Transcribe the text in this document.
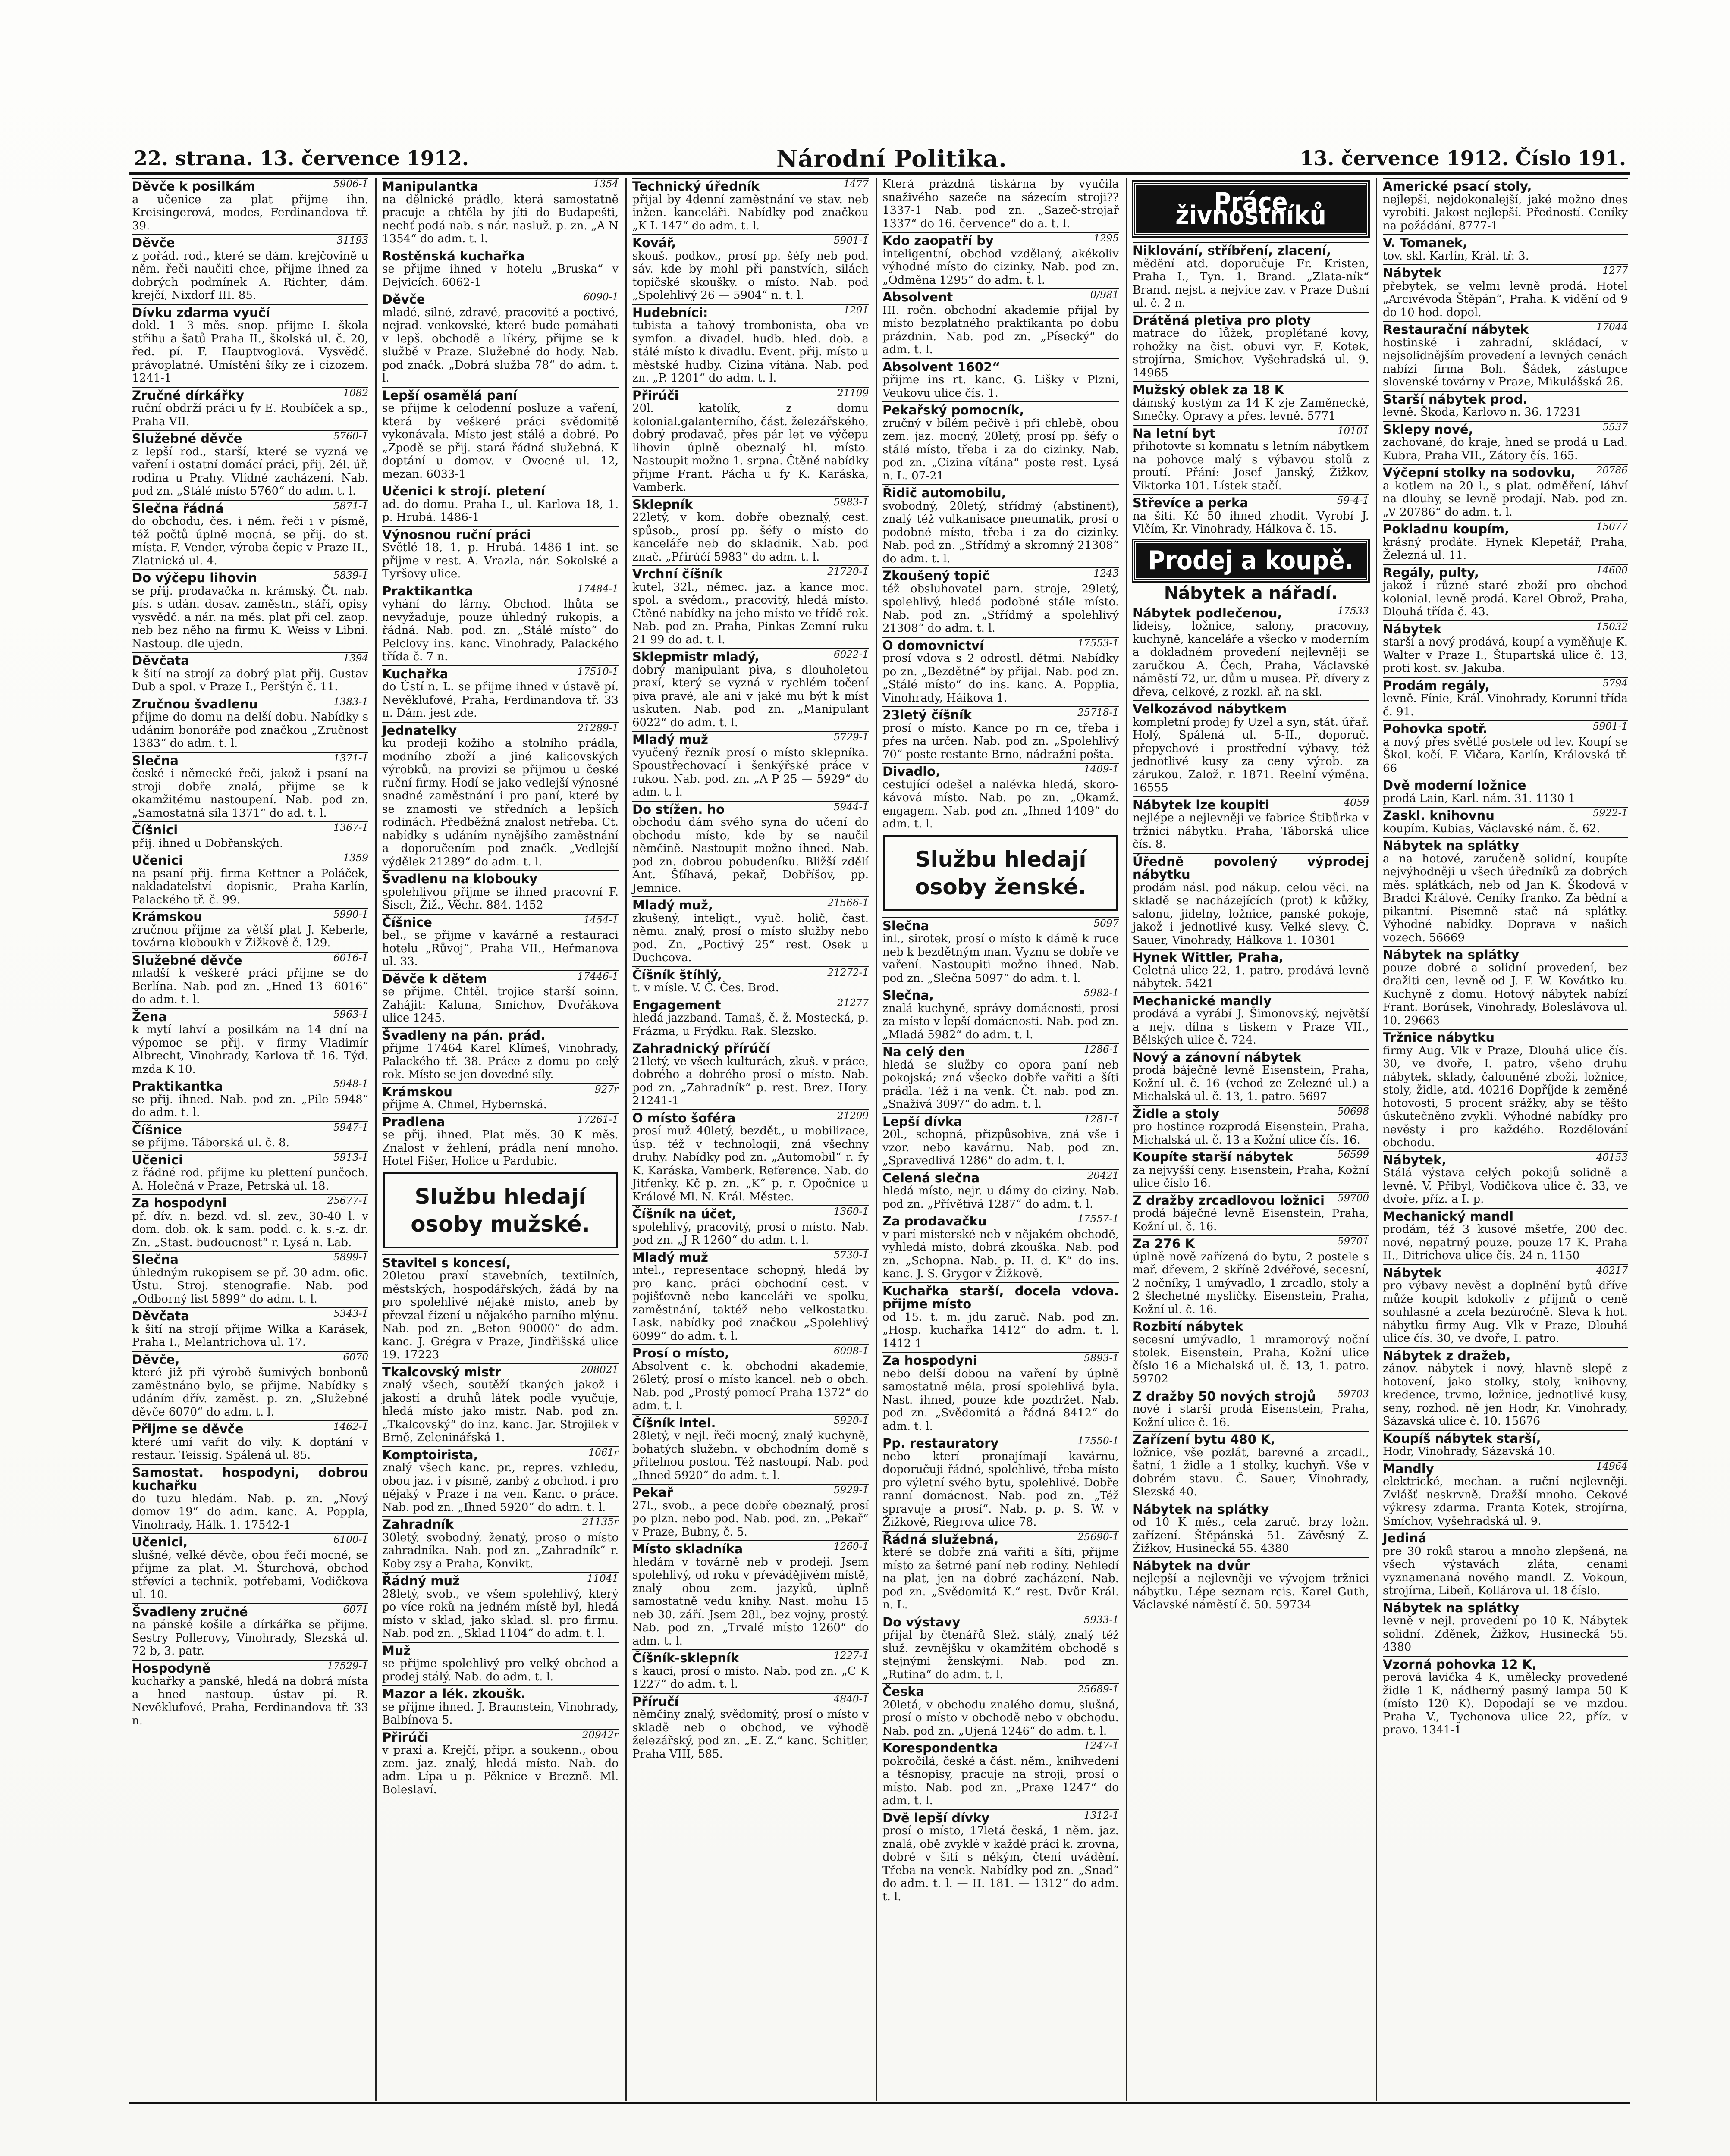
22. strana. 13. července 1912.	Národní Politika.	13. července 1912. Číslo 191.
5906-1
Děvče k posilkám
a učenice za plat přijme ihn. Kreisingerová, modes, Ferdinandova tř. 39.
31193
Děvče
z pořád. rod., které se dám. krejčovině u něm. řeči naučiti chce, přijme ihned za dobrých podmínek A. Richter, dám. krejčí, Nixdorf III. 85.
Dívku zdarma vyučí
dokl. 1—3 měs. snop. přijme I. škola střihu a šatů Praha II., školská ul. č. 20, řed. pí. F. Hauptvoglová. Vysvědč. právoplatné. Umístění šíky ze i cizozem. 1241-1
1082
Zručné dírkářky
ruční obdrží práci u fy E. Roubíček a sp., Praha VII.
5760-1
Služebné děvče
z lepší rod., starší, které se vyzná ve vaření i ostatní domácí práci, přij. 2él. úř. rodina u Prahy. Vlídné zacházení. Nab. pod zn. „Stálé místo 5760“ do adm. t. l.
5871-1
Slečna řádná
do obchodu, čes. i něm. řeči i v písmě, též počtů úplně mocná, se přij. do st. místa. F. Vender, výroba čepic v Praze II., Zlatnická ul. 4.
5839-1
Do výčepu lihovin
se přij. prodavačka n. krámský. Čt. nab. pís. s udán. dosav. zaměstn., stáří, opisy vysvědč. a nár. na měs. plat při cel. zaop. neb bez něho na firmu K. Weiss v Libni. Nastoup. dle ujedn.
1394
Děvčata
k šití na strojí za dobrý plat přij. Gustav Dub a spol. v Praze I., Perštýn č. 11.
1383-1
Zručnou švadlenu
přijme do domu na delší dobu. Nabídky s udáním bonoráře pod značkou „Zručnost 1383“ do adm. t. l.
1371-1
Slečna
české i německé řeči, jakož i psaní na stroji dobře znalá, přijme se k okamžitému nastoupení. Nab. pod zn. „Samostatná síla 1371“ do ad. t. l.
1367-1
Číšnici
přij. ihned u Dobřanských.
1359
Učenici
na psaní přij. firma Kettner a Poláček, nakladatelství dopisnic, Praha-Karlín, Palackého tř. č. 99.
5990-1
Krámskou
zručnou přijme za větší plat J. Keberle, továrna kloboukh v Žižkově č. 129.
6016-1
Služebné děvče
mladší k veškeré práci přijme se do Berlína. Nab. pod zn. „Hned 13—6016“ do adm. t. l.
5963-1
Žena
k mytí lahví a posilkám na 14 dní na výpomoc se přij. v firmy Vladimír Albrecht, Vinohrady, Karlova tř. 16. Týd. mzda K 10.
5948-1
Praktikantka
se přij. ihned. Nab. pod zn. „Pile 5948“ do adm. t. l.
5947-1
Číšnice
se přijme. Táborská ul. č. 8.
5913-1
Učenici
z řádné rod. přijme ku plettení punčoch. A. Holečná v Praze, Petrská ul. 18.
25677-1
Za hospodyni
př. dív. n. bezd. vd. sl. zev., 30-40 l. v dom. dob. ok. k sam. podd. c. k. s.-z. dr. Zn. „Stast. budoucnost“ r. Lysá n. Lab.
5899-1
Slečna
úhledným rukopisem se př. 30 adm. ofic. Ústu. Stroj. stenografie. Nab. pod „Odborný list 5899“ do adm. t. l.
5343-1
Děvčata
k šití na strojí přijme Wilka a Karásek, Praha I., Melantrichova ul. 17.
6070
Děvče,
které již při výrobě šumivých bonbonů zaměstnáno bylo, se přijme. Nabídky s udáním dřív. zaměst. p. zn. „Služebné děvče 6070“ do adm. t. l.
1462-1
Přijme se děvče
které umí vařit do vily. K doptání v restaur. Teissig. Spálená ul. 85.
Samostat. hospodyni, dobrou kuchařku
do tuzu hledám. Nab. p. zn. „Nový domov 19“ do adm. kanc. A. Poppla, Vinohrady, Hálk. 1. 17542-1
6100-1
Učenici,
slušné, velké děvče, obou řečí mocné, se přijme za plat. M. Šturchová, obchod střevíci a technik. potřebami, Vodičkova ul. 10.
6071
Švadleny zručné
na pánské košile a dírkářka se přijme. Sestry Pollerovy, Vinohrady, Slezská ul. 72 b, 3. patr.
17529-1
Hospodyně
kuchařky a panské, hledá na dobrá místa a hned nastoup. ústav pí. R. Nevěklufové, Praha, Ferdinandova tř. 33 n.
1354
Manipulantka
na dělnické prádlo, která samostatně pracuje a chtěla by jíti do Budapešti, nechť podá nab. s nár. nasluž. p. zn. „A N 1354“ do adm. t. l.
Rostěnská kuchařka
se přijme ihned v hotelu „Bruska“ v Dejvicích. 6062-1
6090-1
Děvče
mladé, silné, zdravé, pracovité a poctivé, nejrad. venkovské, které bude pomáhati v lepš. obchodě a líkéry, přijme se k službě v Praze. Služebné do hody. Nab. pod značk. „Dobrá služba 78“ do adm. t. l.
Lepší osamělá paní
se přijme k celodenní posluze a vaření, která by veškeré práci svědomitě vykonávala. Místo jest stálé a dobré. Po „Zpodě se přij. stará řádná služebná. K doptání u domov. v Ovocné ul. 12, mezan. 6033-1
Učenici k strojí. pletení
ad. do domu. Praha I., ul. Karlova 18, 1. p. Hrubá. 1486-1
Výnosnou ruční práci
Světlé 18, 1. p. Hrubá. 1486-1 int. se přijme v rest. A. Vrazla, nár. Sokolské a Tyršovy ulice.
17484-1
Praktikantka
vyhání do lárny. Obchod. lhůta se nevyžaduje, pouze úhledný rukopis, a řádná. Nab. pod. zn. „Stálé místo“ do Pelclovy ins. kanc. Vinohrady, Palackého třída č. 7 n.
17510-1
Kuchařka
do Ústí n. L. se přijme ihned v ústavě pí. Nevěklufové, Praha, Ferdinandova tř. 33 n. Dám. jest zde.
21289-1
Jednatelky
ku prodeji kožiho a stolního prádla, modního zboží a jiné kalicovských výrobků, na provizi se přijmou u české ruční firmy. Hodí se jako vedlejší výnosné snadné zaměstnání i pro paní, které by se znamosti ve středních a lepších rodinách. Předběžná znalost netřeba. Ct. nabídky s udáním nynějšího zaměstnání a doporučením pod značk. „Vedlejší výdělek 21289“ do adm. t. l.
Švadlenu na klobouky
spolehlivou přijme se ihned pracovní F. Šisch, Žiž., Věchr. 884. 1452
1454-1
Číšnice
bel., se přijme v kavárně a restauraci hotelu „Růvoj“, Praha VII., Heřmanova ul. 33.
17446-1
Děvče k dětem
se přijme. Chtěl. trojice starší soinn. Zahájit: Kaluna, Smíchov, Dvořákova ulice 1245.
Švadleny na pán. prád.
přijme 17464 Karel Klímeš, Vinohrady, Palackého tř. 38. Práce z domu po celý rok. Místo se jen dovedné síly.
927r
Krámskou
přijme A. Chmel, Hybernská.
17261-1
Pradlena
se přij. ihned. Plat měs. 30 K měs. Znalost v žehlení, prádla není mnoho. Hotel Fišer, Holice u Pardubic.
Službu hledají osoby mužské.
Stavitel s koncesí,
20letou praxí stavebních, textilních, městských, hospodářských, žádá by na pro spolehlivé nějaké místo, aneb by převzal řízení u nějakého parního mlýnu. Nab. pod zn. „Beton 90000“ do adm. kanc. J. Grégra v Praze, Jindřišská ulice 19. 17223
208021
Tkalcovský mistr
znalý všech, soutěží tkaných jakož i jakostí a druhů látek podle vyučuje, hledá místo jako mistr. Nab. pod zn. „Tkalcovský“ do inz. kanc. Jar. Strojilek v Brně, Zeleninářská 1.
1061r
Komptoirista,
znalý všech kanc. pr., repres. vzhledu, obou jaz. i v písmě, zanbý z obchod. i pro nějaký v Praze i na ven. Kanc. o práce. Nab. pod zn. „Ihned 5920“ do adm. t. l.
21135r
Zahradník
30letý, svobodný, ženatý, proso o místo zahradníka. Nab. pod zn. „Zahradník“ r. Koby zsy a Praha, Konvikt.
11041
Řádný muž
28letý, svob., ve všem spolehlivý, který po více roků na jedném místě byl, hledá místo v sklad, jako sklad. sl. pro firmu. Nab. pod zn. „Sklad 1104“ do adm. t. l.
Muž
se přijme spolehlivý pro velký obchod a prodej stálý. Nab. do adm. t. l.
Mazor a lék. zkoušk.
se přijme ihned. J. Braunstein, Vinohrady, Balbínova 5.
20942r
Přirúči
v praxi a. Krejčí, přípr. a soukenn., obou zem. jaz. znalý, hledá místo. Nab. do adm. Lípa u p. Pěknice v Brezně. Ml. Boleslaví.
1477
Technický úředník
přijal by 4denní zaměstnání ve stav. neb inžen. kanceláři. Nabídky pod značkou „K L 147“ do adm. t. l.
5901-1
Kovář,
skouš. podkov., prosí pp. šéfy neb pod. sáv. kde by mohl při panstvích, silách topičské skoušky. o místo. Nab. pod „Spolehlivý 26 — 5904“ n. t. l.
1201
Hudebníci:
tubista a tahový trombonista, oba ve symfon. a divadel. hudb. hled. dob. a stálé místo k divadlu. Event. přij. místo u městské hudby. Cizina vítána. Nab. pod zn. „P. 1201“ do adm. t. l.
21109
Přirúči
20l. katolík, z domu kolonial.galanterního, část. železářského, dobrý prodavač, přes pár let ve výčepu lihovin úplně obeznalý hl. místo. Nastoupit možno 1. srpna. Čtěné nabídky přijme Frant. Pácha u fy K. Karáska, Vamberk.
5983-1
Sklepník
22letý, v kom. dobře obeznalý, cest. spůsob., prosí pp. šéfy o místo do kanceláře neb do skladnik. Nab. pod znač. „Přirúčí 5983“ do adm. t. l.
21720-1
Vrchní číšník
kutel, 32l., němec. jaz. a kance moc. spol. a svědom., pracovitý, hledá místo. Ctěné nabídky na jeho místo ve třídě rok. Nab. pod zn. Praha, Pinkas Zemní ruku 21 99 do ad. t. l.
6022-1
Sklepmistr mladý,
dobrý manipulant piva, s dlouholetou praxí, který se vyzná v rychlém točení piva pravé, ale ani v jaké mu být k míst uskuten. Nab. pod zn. „Manipulant 6022“ do adm. t. l.
5729-1
Mladý muž
vyučený řezník prosí o místo sklepníka. Spoustřechovací i šenkýřské práce v rukou. Nab. pod. zn. „A P 25 — 5929“ do adm. t. l.
5944-1
Do stížen. ho
obchodu dám svého syna do učení do obchodu místo, kde by se naučil němčině. Nastoupit možno ihned. Nab. pod zn. dobrou pobudeníku. Bližší zdělí Ant. Šťíhavá, pekař, Dobříšov, pp. Jemnice.
21566-1
Mladý muž,
zkušený, inteligt., vyuč. holič, čast. němu. znalý, prosí o místo služby nebo pod. Zn. „Poctivý 25“ rest. Osek u Duchcova.
21272-1
Číšník štíhlý,
t. v mísle. V. Č. Čes. Brod.
21277
Engagement
hledá jazzband. Tamaš, č. ž. Mostecká, p. Frázma, u Frýdku. Rak. Slezsko.
Zahradnický přírúčí
21letý, ve všech kulturách, zkuš. v práce, dobrého a dobrého prosí o místo. Nab. pod zn. „Zahradník“ p. rest. Brez. Hory. 21241-1
21209
O místo šoféra
prosí muž 40letý, bezdět., u mobilizace, úsp. též v technologii, zná všechny druhy. Nabídky pod zn. „Automobil“ r. fy K. Karáska, Vamberk. Reference. Nab. do Jitřenky. Kč p. zn. „K“ p. r. Opočnice u Králové Ml. N. Král. Městec.
1360-1
Číšník na účet,
spolehlivý, pracovitý, prosí o místo. Nab. pod zn. „J R 1260“ do adm. t. l.
5730-1
Mladý muž
intel., representace schopný, hledá by pro kanc. práci obchodní cest. v pojišťovně nebo kanceláři ve spolku, zaměstnání, taktéž nebo velkostatku. Lask. nabídky pod značkou „Spolehlivý 6099“ do adm. t. l.
6098-1
Prosí o místo,
Absolvent c. k. obchodní akademie, 26letý, prosí o místo kancel. neb o obch. Nab. pod „Prostý pomocí Praha 1372“ do adm. t. l.
5920-1
Číšník intel.
28letý, v nejl. řeči mocný, znalý kuchyně, bohatých služebn. v obchodním domě s přitelnou postou. Též nastoupí. Nab. pod „Ihned 5920“ do adm. t. l.
5929-1
Pekař
27l., svob., a pece dobře obeznalý, prosí po plzn. nebo pod. Nab. pod. zn. „Pekař“ v Praze, Bubny, č. 5.
1260-1
Místo skladníka
hledám v továrně neb v prodeji. Jsem spolehlivý, od roku v převádějivém místě, znalý obou zem. jazyků, úplně samostatně vedu knihy. Nast. mohu 15 neb 30. září. Jsem 28l., bez vojny, prostý. Nab. pod zn. „Trvalé místo 1260“ do adm. t. l.
1227-1
Číšník-sklepník
s kaucí, prosí o místo. Nab. pod zn. „C K 1227“ do adm. t. l.
4840-1
Příručí
němčiny znalý, svědomitý, prosí o místo v skladě neb o obchod, ve výhodě železářský, pod zn. „E. Z.“ kanc. Schitler, Praha VIII, 585.
Která prázdná tiskárna by vyučila snaživého sazeče na sázecím stroji?? 1337-1 Nab. pod zn. „Sazeč-strojař 1337“ do 16. července“ do a. t. l.
1295
Kdo zaopatří by
inteligentní, obchod vzdělaný, akékoliv výhodné místo do cizinky. Nab. pod zn. „Odměna 1295“ do adm. t. l.
0/981
Absolvent
III. ročn. obchodní akademie přijal by místo bezplatného praktikanta po dobu prázdnin. Nab. pod zn. „Písecký“ do adm. t. l.
Absolvent 1602“
přijme ins rt. kanc. G. Lišky v Plzni, Veukovu ulice čís. 1.
Pekařský pomocník,
zručný v bílém pečivě i při chlebě, obou zem. jaz. mocný, 20letý, prosí pp. šéfy o stálé místo, třeba i za do cizinky. Nab. pod zn. „Cizina vítána“ poste rest. Lysá n. L. 07-21
Řidič automobilu,
svobodný, 20letý, střídmý (abstinent), znalý též vulkanisace pneumatik, prosí o podobné místo, třeba i za do cizinky. Nab. pod zn. „Střídmý a skromný 21308“ do adm. t. l.
1243
Zkoušený topič
též obsluhovatel parn. stroje, 29letý, spolehlivý, hledá podobné stále místo. Nab. pod zn. „Střídmý a spolehlivý 21308“ do adm. t. l.
17553-1
O domovnictví
prosí vdova s 2 odrostl. dětmi. Nabídky po zn. „Bezdětné“ by přijal. Nab. pod zn. „Stálé místo“ do ins. kanc. A. Popplia, Vinohrady, Háikova 1.
25718-1
23letý číšník
prosí o místo. Kance po rn ce, třeba i přes na určen. Nab. pod zn. „Spolehlivý 70“ poste restante Brno, nádražní pošta.
1409-1
Divadlo,
cestující odešel a nalévka hledá, skoro-kávová místo. Nab. po zn. „Okamž. engagem. Nab. pod zn. „Ihned 1409“ do adm. t. l.
Službu hledají osoby ženské.
5097
Slečna
inl., sirotek, prosí o místo k dámě k ruce neb k bezdětným man. Vyznu se dobře ve vaření. Nastoupiti možno ihned. Nab. pod zn. „Slečna 5097“ do adm. t. l.
5982-1
Slečna,
znalá kuchyně, správy domácnosti, prosí za místo v lepší domácnosti. Nab. pod zn. „Mladá 5982“ do adm. t. l.
1286-1
Na celý den
hledá se služby co opora paní neb pokojská; zná všecko dobře vařiti a šíti prádla. Též i na venk. Čt. nab. pod zn. „Snaživá 3097“ do adm. t. l.
1281-1
Lepší dívka
20l., schopná, přizpůsobiva, zná vše i vzor. nebo kavárnu. Nab. pod zn. „Spravedlivá 1286“ do adm. t. l.
20421
Celená slečna
hledá místo, nejr. u dámy do ciziny. Nab. pod zn. „Přívětivá 1287“ do adm. t. l.
17557-1
Za prodavačku
v parí misterské neb v nějakém obchodě, vyhledá místo, dobrá zkouška. Nab. pod zn. „Schopna. Nab. p. H. d. K“ do ins. kanc. J. S. Grygor v Žižkově.
Kuchařka starší, docela vdova. přijme místo
od 15. t. m. jdu zaruč. Nab. pod zn. „Hosp. kuchařka 1412“ do adm. t. l. 1412-1
5893-1
Za hospodyni
nebo delší dobou na vaření by úplně samostatně měla, prosí spolehlivá byla. Nast. ihned, pouze kde pozdržet. Nab. pod zn. „Svědomitá a řádná 8412“ do adm. t. l.
17550-1
Pp. restauratory
nebo kterí pronajímají kavárnu, doporučuji řádné, spolehlivé, třeba místo pro výletní svého bytu, spolehlivé. Dobře ranní domácnost. Nab. pod zn. „Též spravuje a prosí“. Nab. p. p. S. W. v Žižkově, Riegrova ulice 78.
25690-1
Řádná služebná,
které se dobře zná vařiti a šíti, přijme místo za šetrné paní neb rodiny. Nehledí na plat, jen na dobré zacházení. Nab. pod zn. „Svědomitá K.“ rest. Dvůr Král. n. L.
5933-1
Do výstavy
přijal by čtenářů Slež. stálý, znalý též služ. zevnějšku v okamžitém obchodě s stejnými ženskými. Nab. pod zn. „Rutina“ do adm. t. l.
25689-1
Česka
20letá, v obchodu znalého domu, slušná, prosí o místo v obchodě nebo v obchodu. Nab. pod zn. „Ujená 1246“ do adm. t. l.
1247-1
Korespondentka
pokročilá, české a část. něm., knihvedení a těsnopisy, pracuje na stroji, prosí o místo. Nab. pod zn. „Praxe 1247“ do adm. t. l.
1312-1
Dvě lepší dívky
prosí o místo, 17letá česká, 1 něm. jaz. znalá, obě zvyklé v každé práci k. zrovna, dobré v šití s někým, čtení uvádění. Třeba na venek. Nabídky pod zn. „Snad“ do adm. t. l. — II. 181. — 1312“ do adm. t. l.
Práce živnostníků
Niklování, stříbření, zlacení,
mědění atd. doporučuje Fr. Kristen, Praha I., Tyn. 1. Brand. „Zlata-ník“ Brand. nejst. a nejvíce zav. v Praze Dušní ul. č. 2 n.
Drátěná pletiva pro ploty
matrace do lůžek, proplétané kovy, rohožky na čist. obuvi vyr. F. Kotek, strojírna, Smíchov, Vyšehradská ul. 9. 14965
Mužský oblek za 18 K
dámský kostým za 14 K zje Zaměnecké, Smečky. Opravy a přes. levně. 5771
10101
Na letní byt
přihotovte si komnatu s letním nábytkem na pohovce malý s výbavou stolů z proutí. Přání: Josef Janský, Žižkov, Viktorka 101. Lístek stačí.
59-4-1
Střevíce a perka
na šití. Kč 50 ihned zhodit. Vyrobí J. Vlčím, Kr. Vinohrady, Hálkova č. 15.
Prodej a koupě.
Nábytek a nářadí.
17533
Nábytek podlečenou,
lideisy, ložnice, salony, pracovny, kuchyně, kanceláře a všecko v moderním a dokladném provedení nejlevněji se zaručkou A. Čech, Praha, Václavské náměstí 72, ur. dům u musea. Př. dívery z dřeva, celkové, z rozkl. ař. na skl.
Velkozávod nábytkem
kompletní prodej fy Uzel a syn, stát. úřař. Holý, Spálená ul. 5-II., doporuč. přepychové i prostřední výbavy, též jednotlivé kusy za ceny výrob. za zárukou. Založ. r. 1871. Reelní výměna. 16555
4059
Nábytek lze koupiti
nejlépe a nejlevněji ve fabrice Štibůrka v tržnici nábytku. Praha, Táborská ulice čís. 8.
Úředně povolený výprodej nábytku
prodám násl. pod nákup. celou věci. na skladě se nacházejících (prot) k kůžky, salonu, jídelny, ložnice, panské pokoje, jakož i jednotlivé kusy. Velké slevy. Č. Sauer, Vinohrady, Hálkova 1. 10301
Hynek Wittler, Praha,
Celetná ulice 22, 1. patro, prodává levně nábytek. 5421
Mechanické mandly
prodává a vyrábí J. Šimonovský, největší a nejv. dílna s tiskem v Praze VII., Bělských ulice č. 724.
Nový a zánovní nábytek
prodá báječně levně Eisenstein, Praha, Kožní ul. č. 16 (vchod ze Zelezné ul.) a Michalská ul. č. 13, 1. patro. 5697
50698
Židle a stoly
pro hostince rozprodá Eisenstein, Praha, Michalská ul. č. 13 a Kožní ulice čís. 16.
56599
Koupíte starší nábytek
za nejvyšší ceny. Eisenstein, Praha, Kožní ulice číslo 16.
59700
Z dražby zrcadlovou ložnici
prodá báječné levně Eisenstein, Praha, Kožní ul. č. 16.
59701
Za 276 K
úplně nově zařízená do bytu, 2 postele s mař. dřevem, 2 skříně 2dvéřové, secesní, 2 nočníky, 1 umývadlo, 1 zrcadlo, stoly a 2 šlechetné mysličky. Eisenstein, Praha, Kožní ul. č. 16.
Rozbití nábytek
secesní umývadlo, 1 mramorový noční stolek. Eisenstein, Praha, Kožní ulice číslo 16 a Michalská ul. č. 13, 1. patro. 59702
59703
Z dražby 50 nových strojů
nové i starší prodá Eisenstein, Praha, Kožní ulice č. 16.
Zařízení bytu 480 K,
ložnice, vše pozlát, barevné a zrcadl., šatní, 1 židle a 1 stolky, kuchyň. Vše v dobrém stavu. Č. Sauer, Vinohrady, Slezská 40.
Nábytek na splátky
od 10 K měs., cela zaruč. brzy ložn. zařízení. Štěpánská 51. Závěsný Z. Žižkov, Husinecká 55. 4380
Nábytek na dvůr
nejlepší a nejlevněji ve vývojem tržnici nábytku. Lépe seznam rcis. Karel Guth, Václavské náměstí č. 50. 59734
Americké psací stoly,
nejlepší, nejdokonalejší, jaké možno dnes vyrobiti. Jakost nejlepší. Předností. Ceníky na požádání. 8777-1
V. Tomanek,
tov. skl. Karlín, Král. tř. 3.
1277
Nábytek
přebytek, se velmi levně prodá. Hotel „Arcivévoda Štěpán“, Praha. K vidění od 9 do 10 hod. dopol.
17044
Restaurační nábytek
hostinské i zahradní, skládací, v nejsolidnějším provedení a levných cenách nabízí firma Boh. Šádek, zástupce slovenské továrny v Praze, Mikulášská 26.
Starší nábytek prod.
levně. Škoda, Karlovo n. 36. 17231
5537
Sklepy nové,
zachované, do kraje, hned se prodá u Lad. Kubra, Praha VII., Zátory čís. 165.
20786
Výčepní stolky na sodovku,
a kotlem na 20 l., s plat. odměření, láhví na dlouhy, se levně prodají. Nab. pod zn. „V 20786“ do adm. t. l.
15077
Pokladnu koupím,
krásný prodáte. Hynek Klepetář, Praha, Železná ul. 11.
14600
Regály, pulty,
jakož i různé staré zboží pro obchod kolonial. levně prodá. Karel Obrož, Praha, Dlouhá třída č. 43.
15032
Nábytek
starší a nový prodává, koupí a vyměňuje K. Walter v Praze I., Štupartská ulice č. 13, proti kost. sv. Jakuba.
5794
Prodám regály,
levně. Fínie, Král. Vinohrady, Korunní třída č. 91.
5901-1
Pohovka spotř.
a nový přes světlé postele od lev. Koupí se Škol. kočí. F. Vičara, Karlín, Královská tř. 66
Dvě moderní ložnice
prodá Lain, Karl. nám. 31. 1130-1
5922-1
Zaskl. knihovnu
koupím. Kubias, Václavské nám. č. 62.
Nábytek na splátky
a na hotové, zaručeně solidní, koupíte nejvýhodněji u všech úředníků za dobrých měs. splátkách, neb od Jan K. Škodová v Bradci Králové. Ceníky franko. Za bědní a pikantní. Písemně stač ná splátky. Výhodné nabídky. Doprava v našich vozech. 56669
Nábytek na splátky
pouze dobré a solidní provedení, bez dražiti cen, levně od J. F. W. Kovátko ku. Kuchyně z domu. Hotový nábytek nabízí Frant. Borúsek, Vinohrady, Boleslávova ul. 10. 29663
Tržnice nábytku
firmy Aug. Vlk v Praze, Dlouhá ulice čís. 30, ve dvoře, I. patro, všeho druhu nábytek, sklady, čalouněné zboží, ložnice, stoly, židle, atd. 40216 Dopříjde k zeměné hotovosti, 5 procent srážky, aby se těšto úskutečněno zvykli. Výhodné nabídky pro nevěsty i pro každého. Rozdělování obchodu.
40153
Nábytek,
Stálá výstava celých pokojů solidně a levně. V. Přibyl, Vodičkova ulice č. 33, ve dvoře, příz. a I. p.
Mechanický mandl
prodám, též 3 kusové mšetře, 200 dec. nové, nepatrný pouze, pouze 17 K. Praha II., Ditrichova ulice čís. 24 n. 1150
40217
Nábytek
pro výbavy nevěst a doplnění bytů dříve může koupit kdokoliv z přijmů o ceně souhlasné a zcela bezúročně. Sleva k hot. nábytku firmy Aug. Vlk v Praze, Dlouhá ulice čís. 30, ve dvoře, I. patro.
Nábytek z dražeb,
zánov. nábytek i nový, hlavně slepě z hotovení, jako stolky, stoly, knihovny, kredence, trvmo, ložnice, jednotlivé kusy, seny, rozhod. ně jen Hodr, Kr. Vinohrady, Sázavská ulice č. 10. 15676
Koupíš nábytek starší,
Hodr, Vinohrady, Sázavská 10.
14964
Mandly
elektrické, mechan. a ruční nejlevněji. Zvlášť neskrvně. Dražší mnoho. Cekové výkresy zdarma. Franta Kotek, strojírna, Smíchov, Vyšehradská ul. 9.
Jediná
pre 30 roků starou a mnoho zlepšená, na všech výstavách zláta, cenami vyznamenaná nového mandl. Z. Vokoun, strojírna, Libeň, Kollárova ul. 18 číslo.
Nábytek na splátky
levně v nejl. provedení po 10 K. Nábytek solidní. Zděnek, Žižkov, Husinecká 55. 4380
Vzorná pohovka 12 K,
perová lavička 4 K, umělecky provedené židle 1 K, nádherný pasmý lampa 50 K (místo 120 K). Dopodají se ve mzdou. Praha V., Tychonova ulice 22, příz. v pravo. 1341-1
